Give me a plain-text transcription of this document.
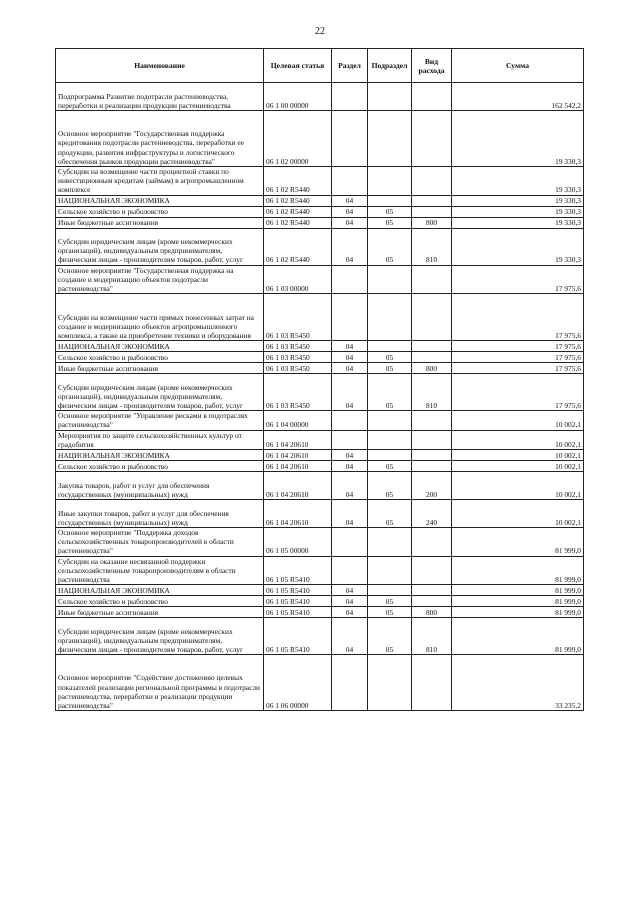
22
Наименование	Целевая статья	Раздел	Подраздел	Вид расхода	Сумма
Подпрограмма Развитие подотрасли растениеводства, переработки и реализации продукции растениеводства	06 1 00 00000				162 542,2
Основное мероприятие "Государственная поддержка кредитования подотрасли растениеводства, переработки ее продукции, развития инфраструктуры и логистического обеспечения рынков продукции растениеводства"	06 1 02 00000				19 330,3
Субсидии на возмещение части процентной ставки по инвестиционным кредитам (займам) в агропромышленном комплексе	06 1 02 R5440				19 330,3
НАЦИОНАЛЬНАЯ ЭКОНОМИКА	06 1 02 R5440	04			19 330,3
Сельское хозяйство и рыболовство	06 1 02 R5440	04	05		19 330,3
Иные бюджетные ассигнования	06 1 02 R5440	04	05	800	19 330,3
Субсидии юридическим лицам (кроме некоммерческих организаций), индивидуальным предпринимателям, физическим лицам - производителям товаров, работ, услуг	06 1 02 R5440	04	05	810	19 330,3
Основное мероприятие "Государственная поддержка на создание и модернизацию объектов подотрасли растениеводства"	06 1 03 00000				17 975,6
Субсидии на возмещение части прямых понесенных затрат на создание и модернизацию объектов агропромышленного комплекса, а также на приобретение техники и оборудования	06 1 03 R5450				17 975,6
НАЦИОНАЛЬНАЯ ЭКОНОМИКА	06 1 03 R5450	04			17 975,6
Сельское хозяйство и рыболовство	06 1 03 R5450	04	05		17 975,6
Иные бюджетные ассигнования	06 1 03 R5450	04	05	800	17 975,6
Субсидии юридическим лицам (кроме некоммерческих организаций), индивидуальным предпринимателям, физическим лицам - производителям товаров, работ, услуг	06 1 03 R5450	04	05	810	17 975,6
Основное мероприятие "Управление рисками в подотраслях растениеводства"	06 1 04 00000				10 002,1
Мероприятия по защите сельскохозяйственных культур от градобития	06 1 04 20610				10 002,1
НАЦИОНАЛЬНАЯ ЭКОНОМИКА	06 1 04 20610	04			10 002,1
Сельское хозяйство и рыболовство	06 1 04 20610	04	05		10 002,1
Закупка товаров, работ и услуг для обеспечения государственных (муниципальных) нужд	06 1 04 20610	04	05	200	10 002,1
Иные закупки товаров, работ и услуг для обеспечения государственных (муниципальных) нужд	06 1 04 20610	04	05	240	10 002,1
Основное мероприятие "Поддержка доходов сельскохозяйственных товаропроизводителей в области растениеводства"	06 1 05 00000				81 999,0
Субсидии на оказание несвязанной поддержки сельскохозяйственным товаропроизводителям в области растениеводства	06 1 05 R5410				81 999,0
НАЦИОНАЛЬНАЯ ЭКОНОМИКА	06 1 05 R5410	04			81 999,0
Сельское хозяйство и рыболовство	06 1 05 R5410	04	05		81 999,0
Иные бюджетные ассигнования	06 1 05 R5410	04	05	800	81 999,0
Субсидии юридическим лицам (кроме некоммерческих организаций), индивидуальным предпринимателям, физическим лицам - производителям товаров, работ, услуг	06 1 05 R5410	04	05	810	81 999,0
Основное мероприятие "Содействие достижению целевых показателей реализации региональной программы в подотрасли растениеводства, переработки и реализации продукции растениеводства"	06 1 06 00000				33 235,2
